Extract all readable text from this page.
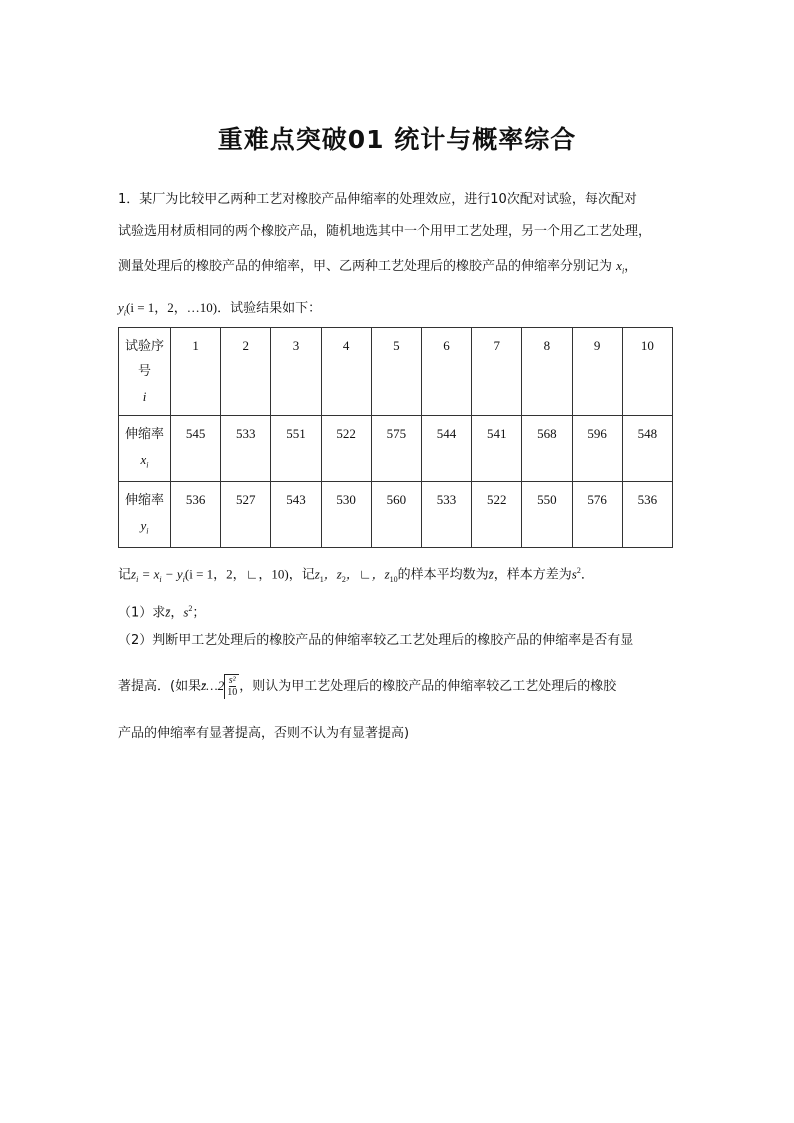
重难点突破01 统计与概率综合
1．某厂为比较甲乙两种工艺对橡胶产品伸缩率的处理效应，进行10次配对试验，每次配对
试验选用材质相同的两个橡胶产品，随机地选其中一个用甲工艺处理，另一个用乙工艺处理，
测量处理后的橡胶产品的伸缩率，甲、乙两种工艺处理后的橡胶产品的伸缩率分别记为 $x_i$，
$y_i(i = 1$，2，…10)．试验结果如下：
试验序号
i	1	2	3	4	5	6	7	8	9	10
伸缩率
$x_i$	545	533	551	522	575	544	541	568	596	548
伸缩率
$y_i$	536	527	543	530	560	533	522	550	576	536
记$z_i = x_i - y_i(i = 1$，2，∟，10)，记$z_1$，$z_2$，∟，$z_{10}$的样本平均数为z̄，样本方差为$s^2$．
（1）求z̄，$s^2$；
（2）判断甲工艺处理后的橡胶产品的伸缩率较乙工艺处理后的橡胶产品的伸缩率是否有显
著提高．(如果$z̄\dots 2\frac{\text{s²}}{10}$，则认为甲工艺处理后的橡胶产品的伸缩率较乙工艺处理后的橡胶
产品的伸缩率有显著提高，否则不认为有显著提高)
